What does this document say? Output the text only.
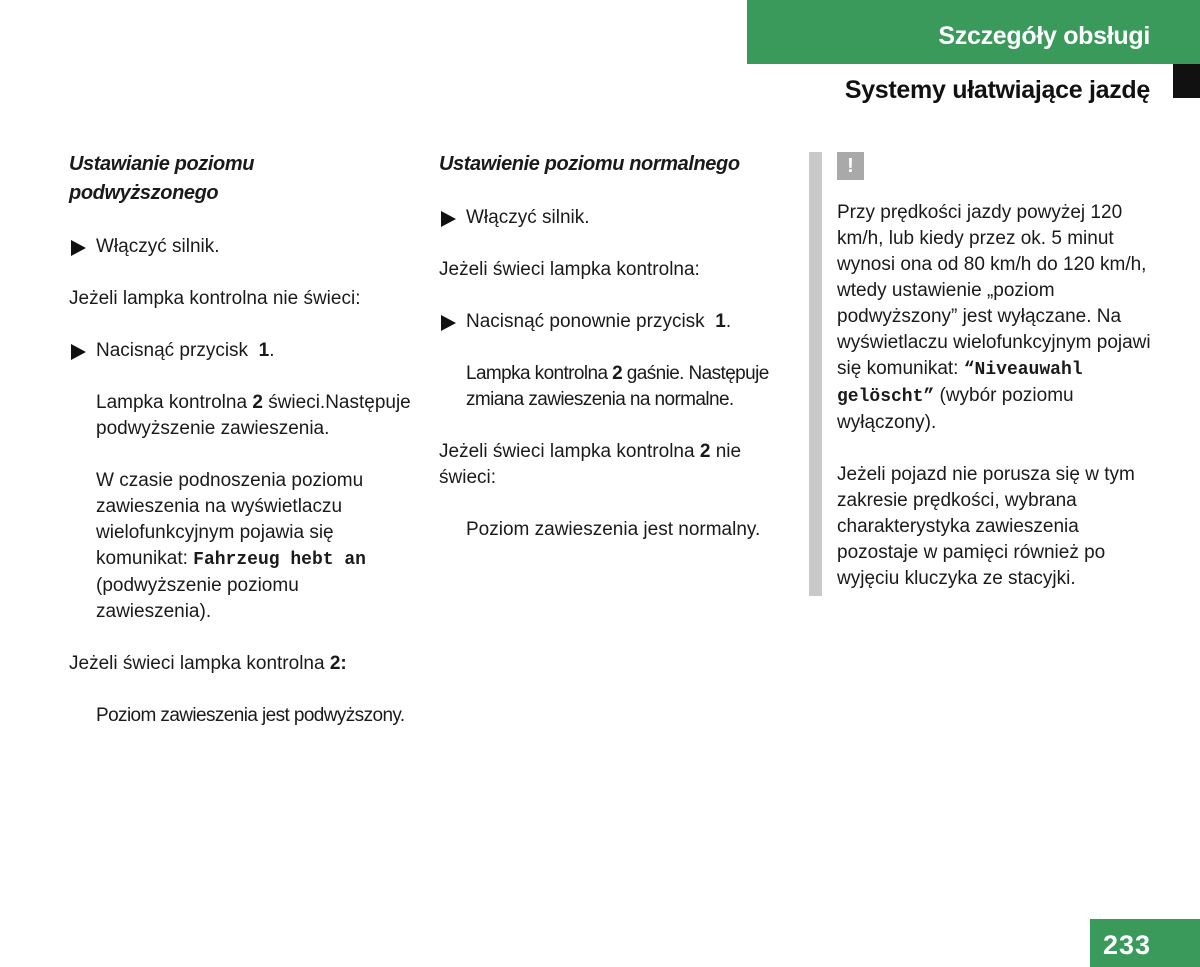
Szczegóły obsługi
Systemy ułatwiające jazdę

Ustawianie poziomu
podwyższonego

Włączyć silnik.
Jeżeli lampka kontrolna nie świeci:
Nacisnąć przycisk 1.
Lampka kontrolna 2 świeci.Następuje podwyższenie zawieszenia.
W czasie podnoszenia poziomu zawieszenia na wyświetlaczu wielofunkcyjnym pojawia się komunikat: Fahrzeug hebt an (podwyższenie poziomu zawieszenia).
Jeżeli świeci lampka kontrolna 2:
Poziom zawieszenia jest podwyższony.

Ustawienie poziomu normalnego

Włączyć silnik.
Jeżeli świeci lampka kontrolna:
Nacisnąć ponownie przycisk 1.
Lampka kontrolna 2 gaśnie. Następuje zmiana zawieszenia na normalne.
Jeżeli świeci lampka kontrolna 2 nie świeci:
Poziom zawieszenia jest normalny.
!
Przy prędkości jazdy powyżej 120 km/h, lub kiedy przez ok. 5 minut wynosi ona od 80 km/h do 120 km/h, wtedy ustawienie „poziom podwyższony” jest wyłączane. Na wyświetlaczu wielofunkcyjnym pojawi się komunikat: “Niveauwahl gelöscht” (wybór poziomu wyłączony).
Jeżeli pojazd nie porusza się w tym zakresie prędkości, wybrana charakterystyka zawieszenia pozostaje w pamięci również po wyjęciu kluczyka ze stacyjki.
233
